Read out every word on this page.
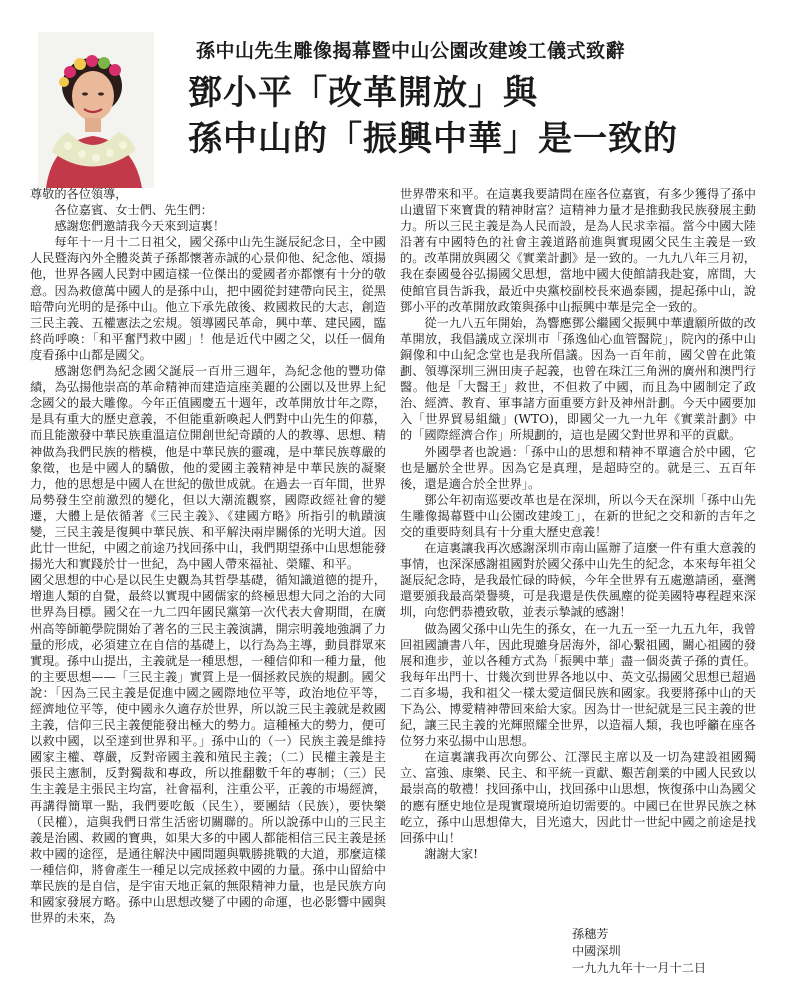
孫中山先生雕像揭幕暨中山公園改建竣工儀式致辭
鄧小平「改革開放」與
孫中山的「振興中華」是一致的

尊敬的各位領導，

各位嘉賓、女士們、先生們：

感謝您們邀請我今天來到這裏！

每年十一月十二日祖父，國父孫中山先生誕辰紀念日，全中國人民暨海內外全體炎黃子孫都懷著赤誠的心景仰他、紀念他、頌揚他，世界各國人民對中國這樣一位傑出的愛國者亦都懷有十分的敬意。因為救億萬中國人的是孫中山，把中國從封建帶向民主，從黑暗帶向光明的是孫中山。他立下承先啟後、救國救民的大志，創造三民主義、五權憲法之宏規。領導國民革命，興中華、建民國，臨終尚呼喚：「和平奮鬥救中國」！他是近代中國之父，以任一個角度看孫中山都是國父。

感謝您們為紀念國父誕辰一百卅三週年，為紀念他的豐功偉績，為弘揚他崇高的革命精神而建造這座美麗的公園以及世界上紀念國父的最大雕像。今年正值國慶五十週年，改革開放廿年之際，是具有重大的歷史意義，不但能重新喚起人們對中山先生的仰慕，而且能激發中華民族重溫這位開創世紀奇蹟的人的教導、思想、精神做為我們民族的楷模，他是中華民族的靈魂，是中華民族尊嚴的象徵，也是中國人的驕傲，他的愛國主義精神是中華民族的凝聚力，他的思想是中國人在世紀的傲世成就。在過去一百年間，世界局勢發生空前激烈的變化，但以大潮流觀察，國際政經社會的變遷，大體上是依循著《三民主義》、《建國方略》所指引的軌蹟演變，三民主義是復興中華民族、和平解決兩岸關係的光明大道。因此廿一世紀，中國之前途乃找回孫中山，我們期望孫中山思想能發揚光大和實踐於廿一世紀，為中國人帶來福祉、榮耀、和平。

國父思想的中心是以民生史觀為其哲學基礎，循知識道德的提升，增進人類的自覺，最終以實現中國儒家的終極思想大同之治的大同世界為目標。國父在一九二四年國民黨第一次代表大會期間，在廣州高等師範學院開始了著名的三民主義演講，開宗明義地強調了力量的形成，必須建立在自信的基礎上，以行為為主導，動員群眾來實現。孫中山提出，主義就是一種思想，一種信仰和一種力量，他的主要思想——「三民主義」實質上是一個拯救民族的規劃。國父說：「因為三民主義是促進中國之國際地位平等，政治地位平等，經濟地位平等，使中國永久適存於世界，所以說三民主義就是救國主義，信仰三民主義便能發出極大的勢力。這種極大的勢力，便可以救中國，以至達到世界和平。」孫中山的（一）民族主義是維持國家主權、尊嚴，反對帝國主義和殖民主義；（二）民權主義是主張民主憲制，反對獨裁和專政，所以推翻數千年的專制；（三）民生主義是主張民主均富，社會福利，注重公平，正義的市場經濟，再講得簡單一點，我們要吃飯（民生），要團結（民族），要快樂（民權），這與我們日常生活密切關聯的。所以說孫中山的三民主義是治國、救國的寶典，如果大多的中國人都能相信三民主義是拯救中國的途徑，是通往解決中國問題與戰勝挑戰的大道，那麼這樣一種信仰，將會產生一種足以完成拯救中國的力量。孫中山留給中華民族的是自信，是宇宙天地正氣的無限精神力量，也是民族方向和國家發展方略。孫中山思想改變了中國的命運，也必影響中國與世界的未來，為

世界帶來和平。在這裏我要請問在座各位嘉賓，有多少獲得了孫中山遺留下來寶貴的精神財富？這精神力量才是推動我民族發展主動力。所以三民主義是為人民而設，是為人民求幸福。當今中國大陸沿著有中國特色的社會主義道路前進與實現國父民生主義是一致的。改革開放與國父《實業計劃》是一致的。一九九八年三月初，我在泰國曼谷弘揚國父思想，當地中國大使館請我赴宴，席間，大使館官員告訴我，最近中央黨校副校長來過泰國，提起孫中山，說鄧小平的改革開放政策與孫中山振興中華是完全一致的。

從一九八五年開始，為響應鄧公繼國父振興中華遺願所做的改革開放，我倡議成立深圳市「孫逸仙心血管醫院」，院內的孫中山銅像和中山紀念堂也是我所倡議。因為一百年前，國父曾在此策劃、領導深圳三洲田庚子起義，也曾在珠江三角洲的廣州和澳門行醫。他是「大醫王」救世，不但救了中國，而且為中國制定了政治、經濟、教育、軍事諸方面重要方針及神州計劃。今天中國要加入「世界貿易組織」(WTO)，即國父一九一九年《實業計劃》中的「國際經濟合作」所規劃的，這也是國父對世界和平的貢獻。

外國學者也說過：「孫中山的思想和精神不單適合於中國，它也是屬於全世界。因為它是真理，是超時空的。就是三、五百年後，還是適合於全世界」。

鄧公年初南巡要改革也是在深圳，所以今天在深圳「孫中山先生雕像揭幕暨中山公園改建竣工」，在新的世紀之交和新的吉年之交的重要時刻具有十分重大歷史意義！

在這裏讓我再次感謝深圳市南山區辦了這麼一件有重大意義的事情，也深深感謝祖國對於國父孫中山先生的紀念，本來每年祖父誕辰紀念時，是我最忙碌的時候，今年全世界有五處邀請函，臺灣還要頒我最高榮譽獎，可是我還是佚佚風塵的從美國特專程趕來深圳，向您們恭禮致敬，並表示摯誠的感謝！

做為國父孫中山先生的孫女，在一九五一至一九五九年，我曾回祖國讀書八年，因此現雖身居海外，卻心繫祖國，關心祖國的發展和進步，並以各種方式為「振興中華」盡一個炎黃子孫的責任。我每年出門十、廿幾次到世界各地以中、英文弘揚國父思想已超過二百多場，我和祖父一樣太愛這個民族和國家。我要將孫中山的天下為公、博愛精神帶回來給大家。因為廿一世紀就是三民主義的世紀，讓三民主義的光輝照耀全世界，以造福人類，我也呼籲在座各位努力來弘揚中山思想。

在這裏讓我再次向鄧公、江澤民主席以及一切為建設祖國獨立、富強、康樂、民主、和平統一貢獻、艱苦創業的中國人民致以最崇高的敬禮！找回孫中山，找回孫中山思想，恢復孫中山為國父的應有歷史地位是現實環境所迫切需要的。中國已在世界民族之林屹立，孫中山思想偉大，目光遠大，因此廿一世紀中國之前途是找回孫中山！

謝謝大家!

孫穗芳
中國深圳
一九九九年十一月十二日
